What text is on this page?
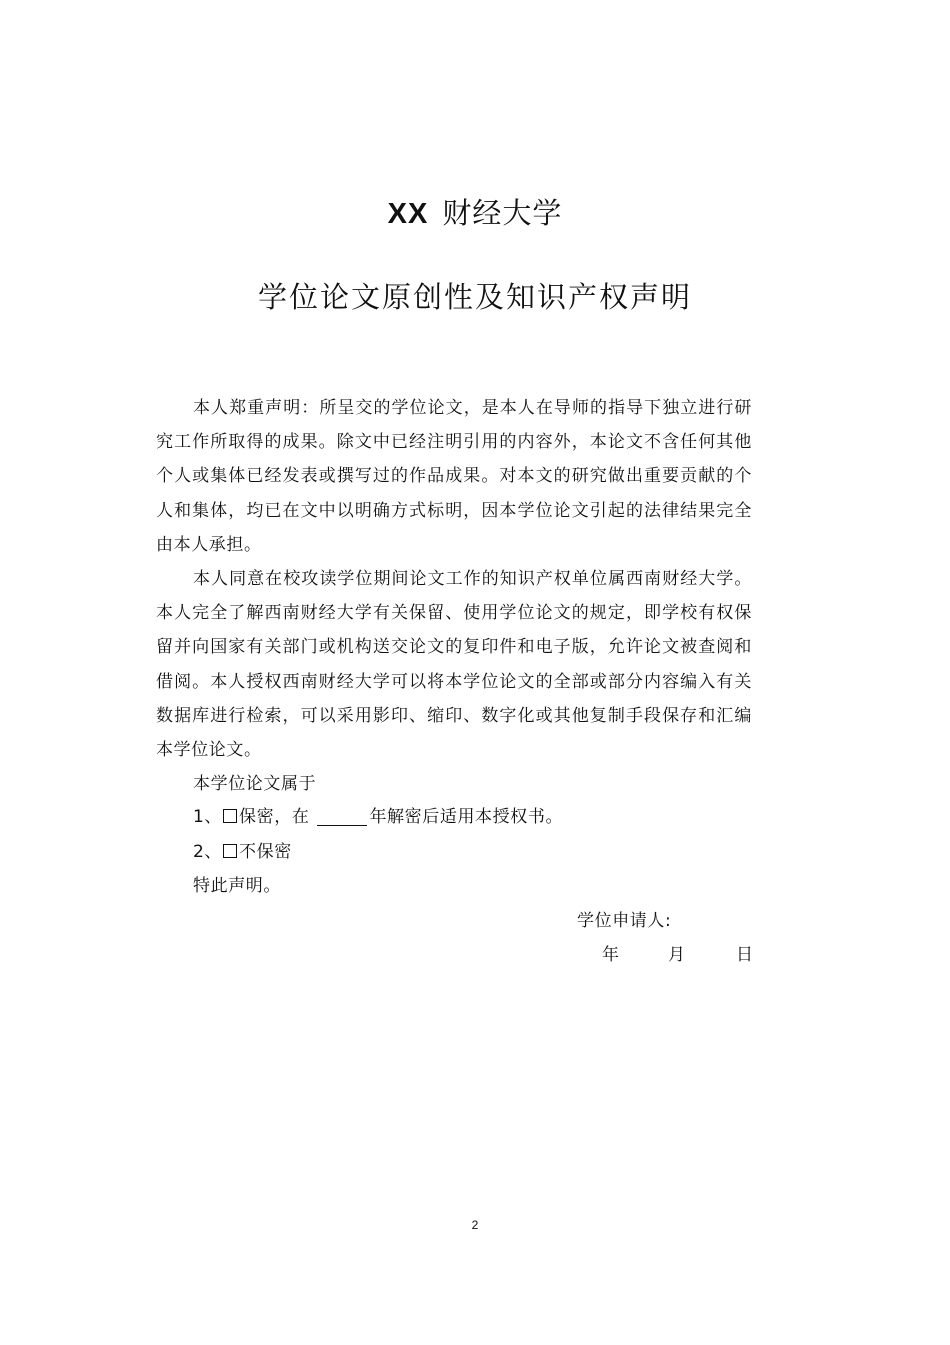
XX 财经大学
学位论文原创性及知识产权声明

本人郑重声明：所呈交的学位论文，是本人在导师的指导下独立进行研究工作所取得的成果。除文中已经注明引用的内容外，本论文不含任何其他个人或集体已经发表或撰写过的作品成果。对本文的研究做出重要贡献的个人和集体，均已在文中以明确方式标明，因本学位论文引起的法律结果完全由本人承担。

本人同意在校攻读学位期间论文工作的知识产权单位属西南财经大学。本人完全了解西南财经大学有关保留、使用学位论文的规定，即学校有权保留并向国家有关部门或机构送交论文的复印件和电子版，允许论文被查阅和借阅。本人授权西南财经大学可以将本学位论文的全部或部分内容编入有关数据库进行检索，可以采用影印、缩印、数字化或其他复制手段保存和汇编本学位论文。

本学位论文属于
1、 保密，在	年解密后适用本授权书。
2、 不保密
特此声明。
学位申请人:
年	月	日
2
